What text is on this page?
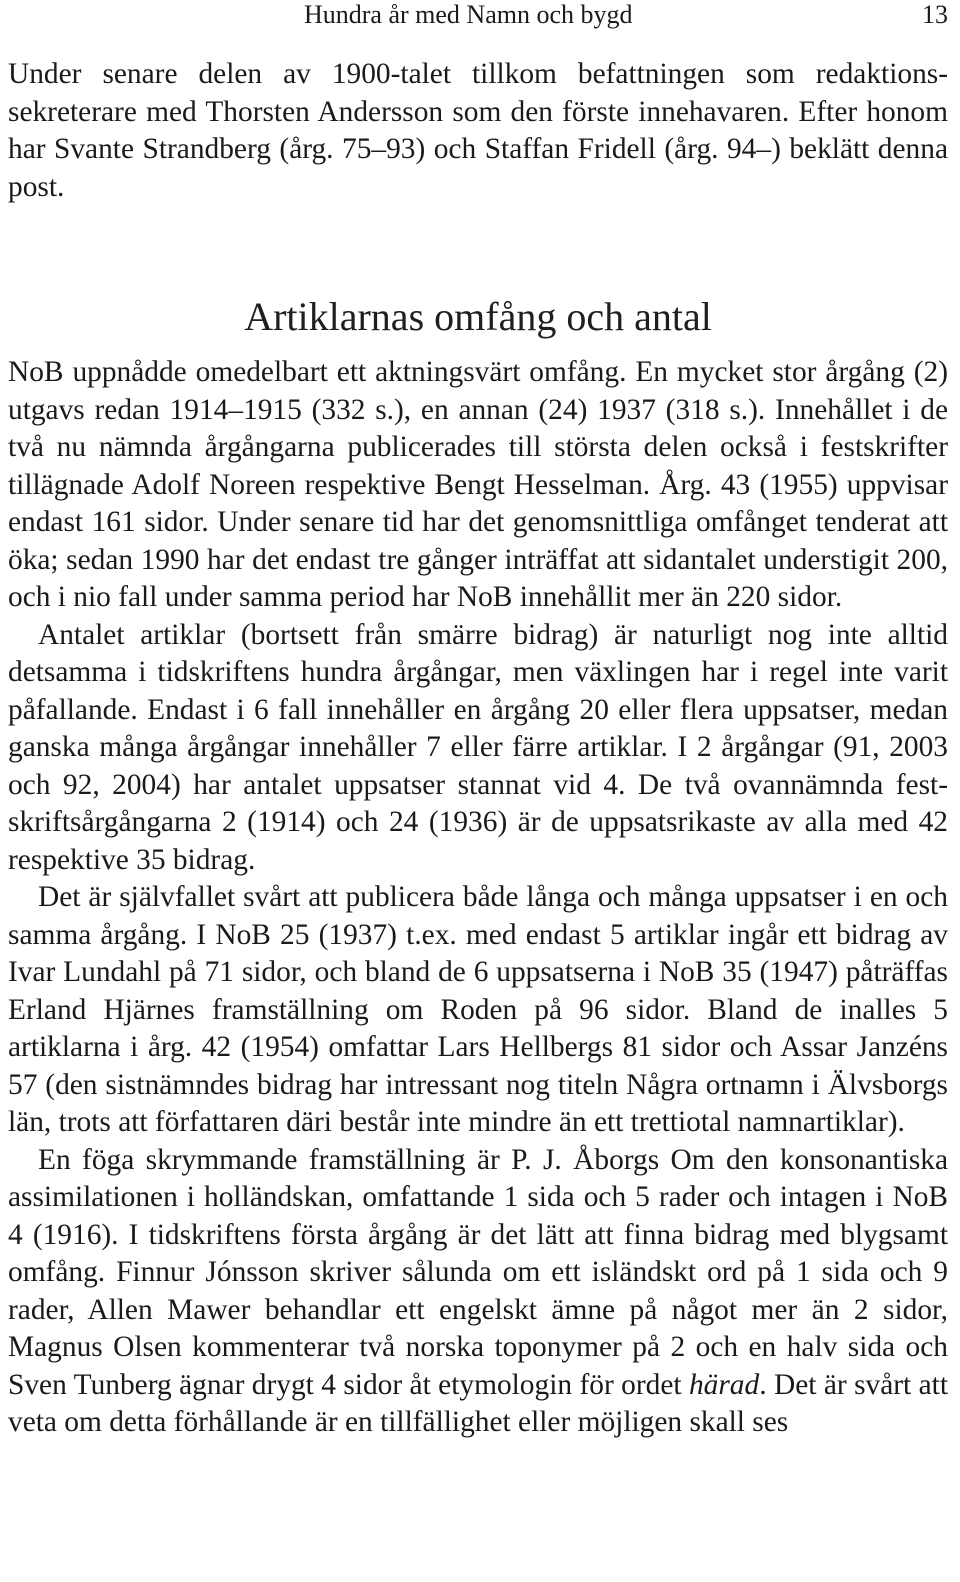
Hundra år med Namn och bygd	13

Under senare delen av 1900-talet tillkom befattningen som redaktionssekreterare med Thorsten Andersson som den förste innehavaren. Efter honom har Svante Strandberg (årg. 75–93) och Staffan Fridell (årg. 94–) beklätt denna post.

Artiklarnas omfång och antal

NoB uppnådde omedelbart ett aktningsvärt omfång. En mycket stor årgång (2) utgavs redan 1914–1915 (332 s.), en annan (24) 1937 (318 s.). Innehållet i de två nu nämnda årgångarna publicerades till största delen också i festskrifter tillägnade Adolf Noreen respektive Bengt Hesselman. Årg. 43 (1955) uppvisar endast 161 sidor. Under senare tid har det genomsnittliga omfånget tenderat att öka; sedan 1990 har det endast tre gånger inträffat att sidantalet understigit 200, och i nio fall under samma period har NoB innehållit mer än 220 sidor.

Antalet artiklar (bortsett från smärre bidrag) är naturligt nog inte alltid detsamma i tidskriftens hundra årgångar, men växlingen har i regel inte varit påfallande. Endast i 6 fall innehåller en årgång 20 eller flera uppsatser, medan ganska många årgångar innehåller 7 eller färre artiklar. I 2 årgångar (91, 2003 och 92, 2004) har antalet uppsatser stannat vid 4. De två ovannämnda festskriftsårgångarna 2 (1914) och 24 (1936) är de uppsatsrikaste av alla med 42 respektive 35 bidrag.

Det är självfallet svårt att publicera både långa och många uppsatser i en och samma årgång. I NoB 25 (1937) t.ex. med endast 5 artiklar ingår ett bidrag av Ivar Lundahl på 71 sidor, och bland de 6 uppsatserna i NoB 35 (1947) påträffas Erland Hjärnes framställning om Roden på 96 sidor. Bland de inalles 5 artiklarna i årg. 42 (1954) omfattar Lars Hellbergs 81 sidor och Assar Janzéns 57 (den sistnämndes bidrag har intressant nog titeln Några ortnamn i Älvsborgs län, trots att författaren däri består inte mindre än ett trettiotal namnartiklar).

En föga skrymmande framställning är P. J. Åborgs Om den konsonantiska assimilationen i holländskan, omfattande 1 sida och 5 rader och intagen i NoB 4 (1916). I tidskriftens första årgång är det lätt att finna bidrag med blygsamt omfång. Finnur Jónsson skriver sålunda om ett isländskt ord på 1 sida och 9 rader, Allen Mawer behandlar ett engelskt ämne på något mer än 2 sidor, Magnus Olsen kommenterar två norska toponymer på 2 och en halv sida och Sven Tunberg ägnar drygt 4 sidor åt etymologin för ordet härad. Det är svårt att veta om detta förhållande är en tillfällighet eller möjligen skall ses
